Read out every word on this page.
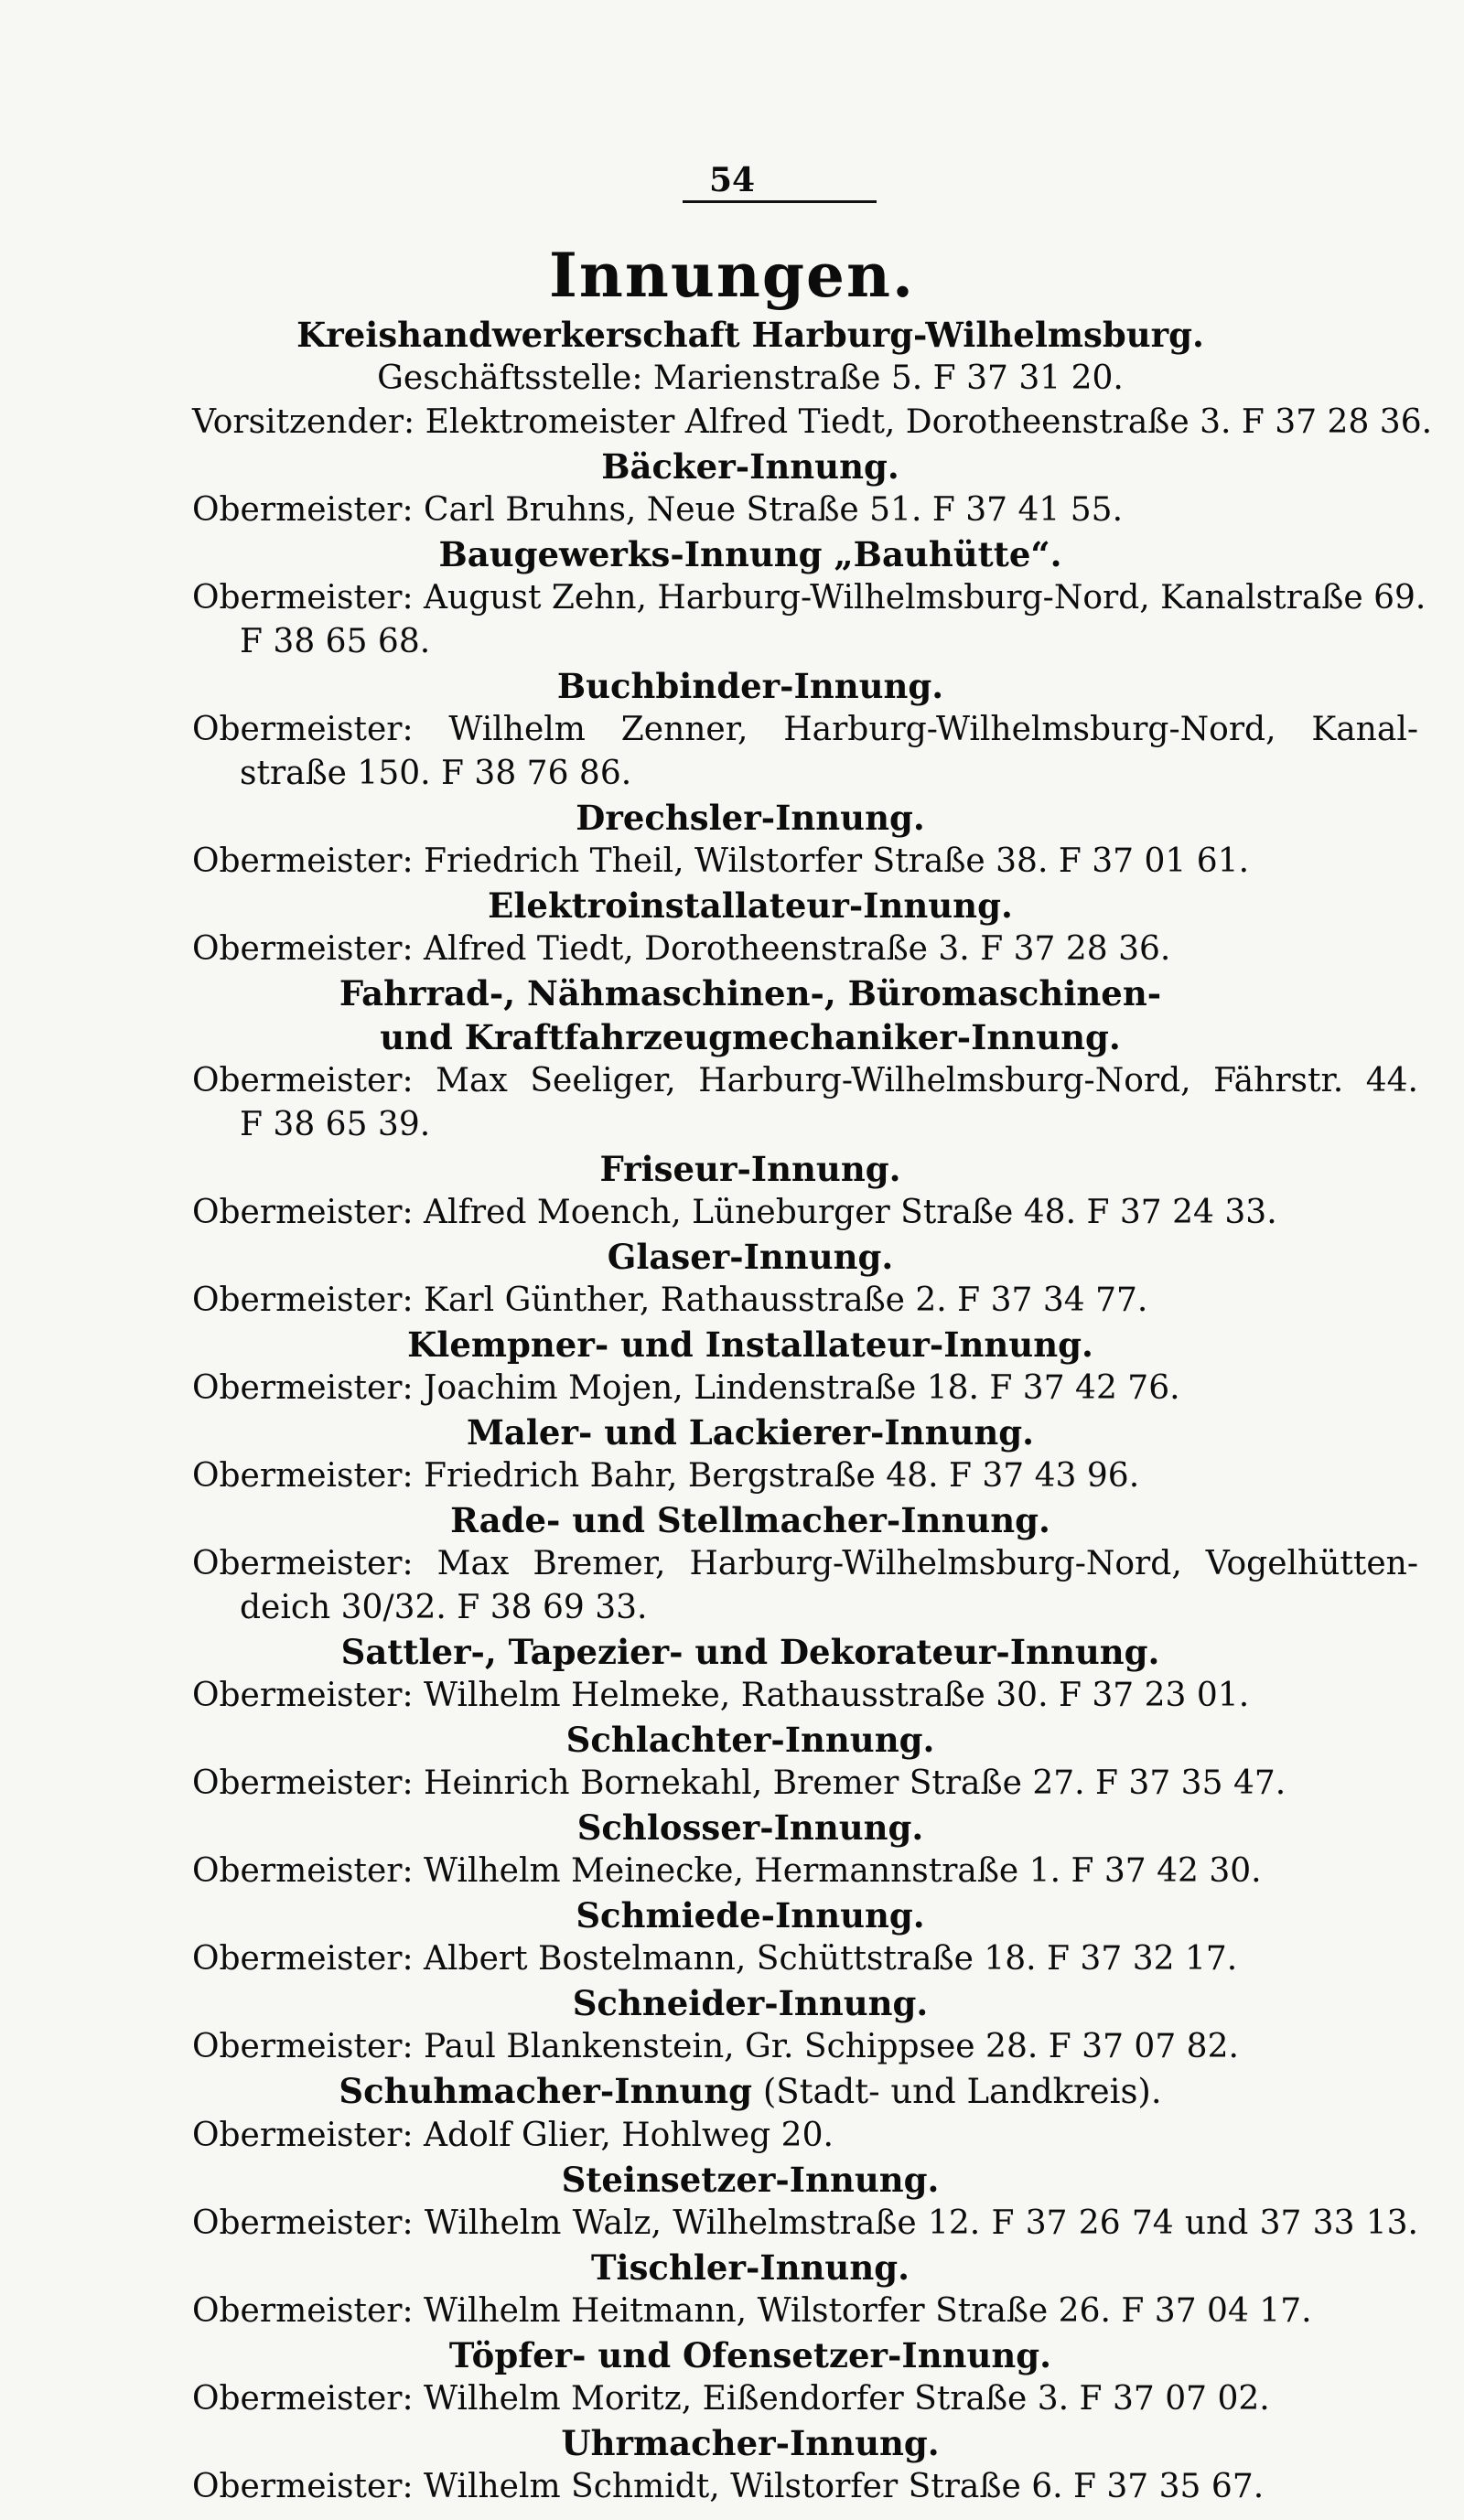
54
Innungen.
Kreishandwerkerschaft Harburg-Wilhelmsburg.
Geschäftsstelle: Marienstraße 5. F 37 31 20.
Vorsitzender: Elektromeister Alfred Tiedt, Dorotheenstraße 3. F 37 28 36.
Bäcker-Innung.
Obermeister: Carl Bruhns, Neue Straße 51. F 37 41 55.
Baugewerks-Innung „Bauhütte“.
Obermeister: August Zehn, Harburg-Wilhelmsburg-Nord, Kanalstraße 69.
F 38 65 68.
Buchbinder-Innung.
Obermeister: Wilhelm Zenner, Harburg-Wilhelmsburg-Nord, Kanal-
straße 150. F 38 76 86.
Drechsler-Innung.
Obermeister: Friedrich Theil, Wilstorfer Straße 38. F 37 01 61.
Elektroinstallateur-Innung.
Obermeister: Alfred Tiedt, Dorotheenstraße 3. F 37 28 36.
Fahrrad-, Nähmaschinen-, Büromaschinen-
und Kraftfahrzeugmechaniker-Innung.
Obermeister: Max Seeliger, Harburg-Wilhelmsburg-Nord, Fährstr. 44.
F 38 65 39.
Friseur-Innung.
Obermeister: Alfred Moench, Lüneburger Straße 48. F 37 24 33.
Glaser-Innung.
Obermeister: Karl Günther, Rathausstraße 2. F 37 34 77.
Klempner- und Installateur-Innung.
Obermeister: Joachim Mojen, Lindenstraße 18. F 37 42 76.
Maler- und Lackierer-Innung.
Obermeister: Friedrich Bahr, Bergstraße 48. F 37 43 96.
Rade- und Stellmacher-Innung.
Obermeister: Max Bremer, Harburg-Wilhelmsburg-Nord, Vogelhütten-
deich 30/32. F 38 69 33.
Sattler-, Tapezier- und Dekorateur-Innung.
Obermeister: Wilhelm Helmeke, Rathausstraße 30. F 37 23 01.
Schlachter-Innung.
Obermeister: Heinrich Bornekahl, Bremer Straße 27. F 37 35 47.
Schlosser-Innung.
Obermeister: Wilhelm Meinecke, Hermannstraße 1. F 37 42 30.
Schmiede-Innung.
Obermeister: Albert Bostelmann, Schüttstraße 18. F 37 32 17.
Schneider-Innung.
Obermeister: Paul Blankenstein, Gr. Schippsee 28. F 37 07 82.
Schuhmacher-Innung (Stadt- und Landkreis).
Obermeister: Adolf Glier, Hohlweg 20.
Steinsetzer-Innung.
Obermeister: Wilhelm Walz, Wilhelmstraße 12. F 37 26 74 und 37 33 13.
Tischler-Innung.
Obermeister: Wilhelm Heitmann, Wilstorfer Straße 26. F 37 04 17.
Töpfer- und Ofensetzer-Innung.
Obermeister: Wilhelm Moritz, Eißendorfer Straße 3. F 37 07 02.
Uhrmacher-Innung.
Obermeister: Wilhelm Schmidt, Wilstorfer Straße 6. F 37 35 67.
